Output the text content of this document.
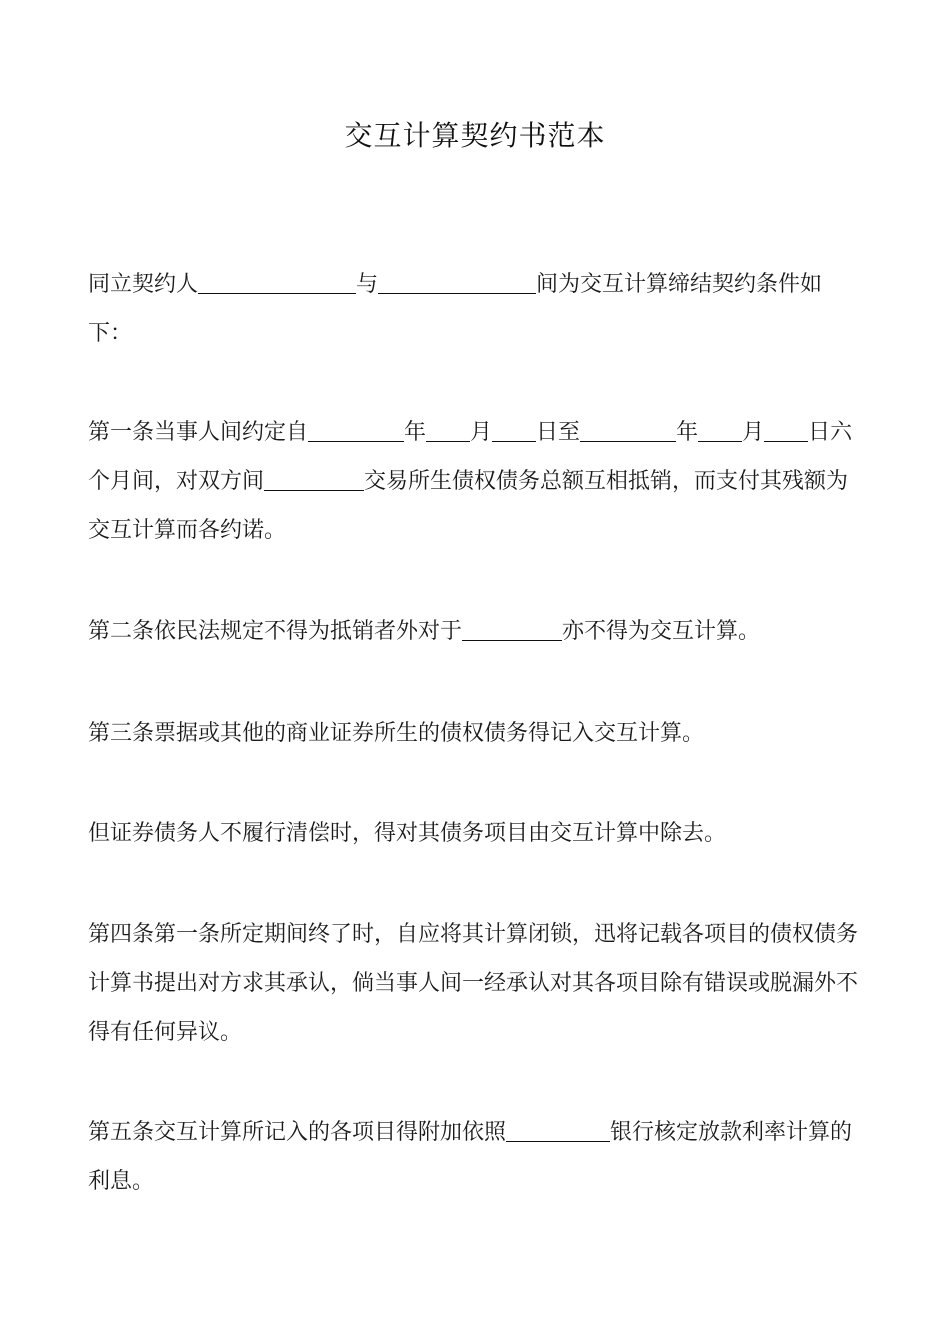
交互计算契约书范本
同立契约人	与	间为交互计算缔结契约条件如下：
第一条当事人间约定自	年 月 日至	年 月 日六个月间，对双方间	交易所生债权债务总额互相抵销，而支付其残额为交互计算而各约诺。
第二条依民法规定不得为抵销者外对于	亦不得为交互计算。
第三条票据或其他的商业证券所生的债权债务得记入交互计算。
但证券债务人不履行清偿时，得对其债务项目由交互计算中除去。
第四条第一条所定期间终了时，自应将其计算闭锁，迅将记载各项目的债权债务计算书提出对方求其承认，倘当事人间一经承认对其各项目除有错误或脱漏外不得有任何异议。
第五条交互计算所记入的各项目得附加依照	银行核定放款利率计算的利息。
